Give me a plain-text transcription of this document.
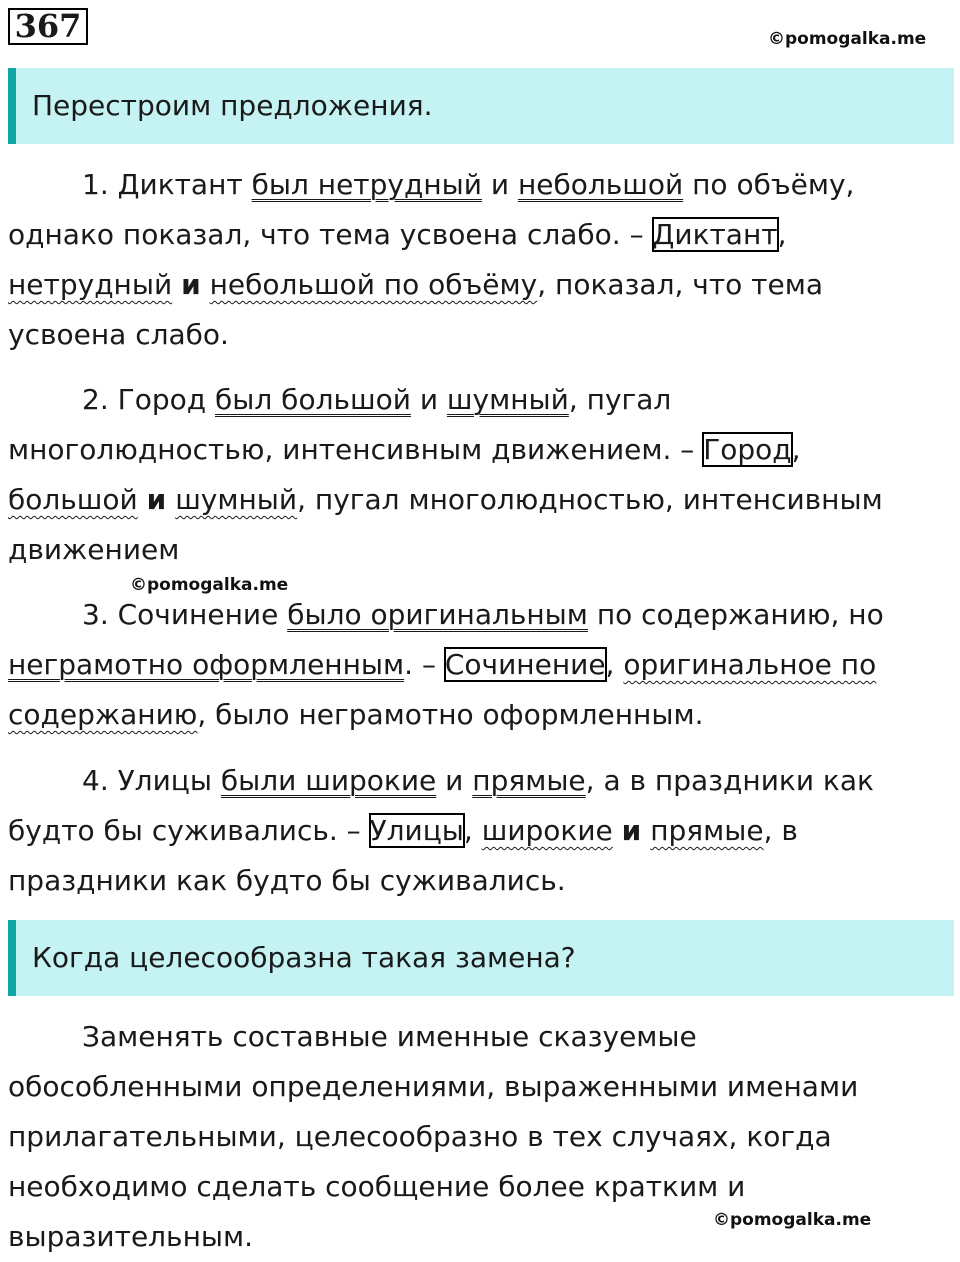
367	©pomogalka.me
Перестроим предложения.
1. Диктант был нетрудный и небольшой по объёму,
однако показал, что тема усвоена слабо. – Диктант,
нетрудный и небольшой по объёму, показал, что тема
усвоена слабо.
2. Город был большой и шумный, пугал
многолюдностью, интенсивным движением. – Город,
большой и шумный, пугал многолюдностью, интенсивным
движением
©pomogalka.me
3. Сочинение было оригинальным по содержанию, но
неграмотно оформленным. – Сочинение, оригинальное по
содержанию, было неграмотно оформленным.
4. Улицы были широкие и прямые, а в праздники как
будто бы суживались. – Улицы, широкие и прямые, в
праздники как будто бы суживались.
Когда целесообразна такая замена?
Заменять составные именные сказуемые
обособленными определениями, выраженными именами
прилагательными, целесообразно в тех случаях, когда
необходимо сделать сообщение более кратким и
выразительным.	©pomogalka.me
